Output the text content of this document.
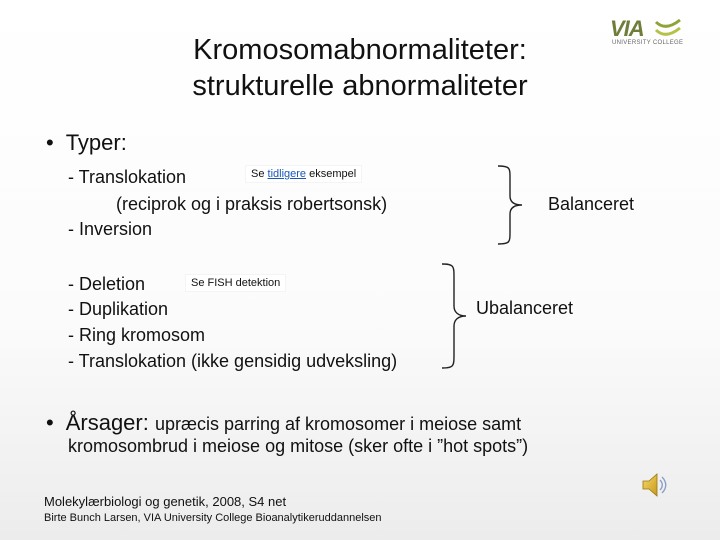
Kromosomabnormaliteter:
strukturelle abnormaliteter
VIA
UNIVERSITY COLLEGE
• Typer:
- Translokation
(reciprok og i praksis robertsonsk)
- Inversion
Se tidligere eksempel
Balanceret
- Deletion
- Duplikation
- Ring kromosom
- Translokation (ikke gensidig udveksling)
Se FISH detektion
Ubalanceret
• Årsager: upræcis parring af kromosomer i meiose samt
kromosombrud i meiose og mitose (sker ofte i ”hot spots”)
Molekylærbiologi og genetik, 2008, S4 net
Birte Bunch Larsen, VIA University College Bioanalytikeruddannelsen
